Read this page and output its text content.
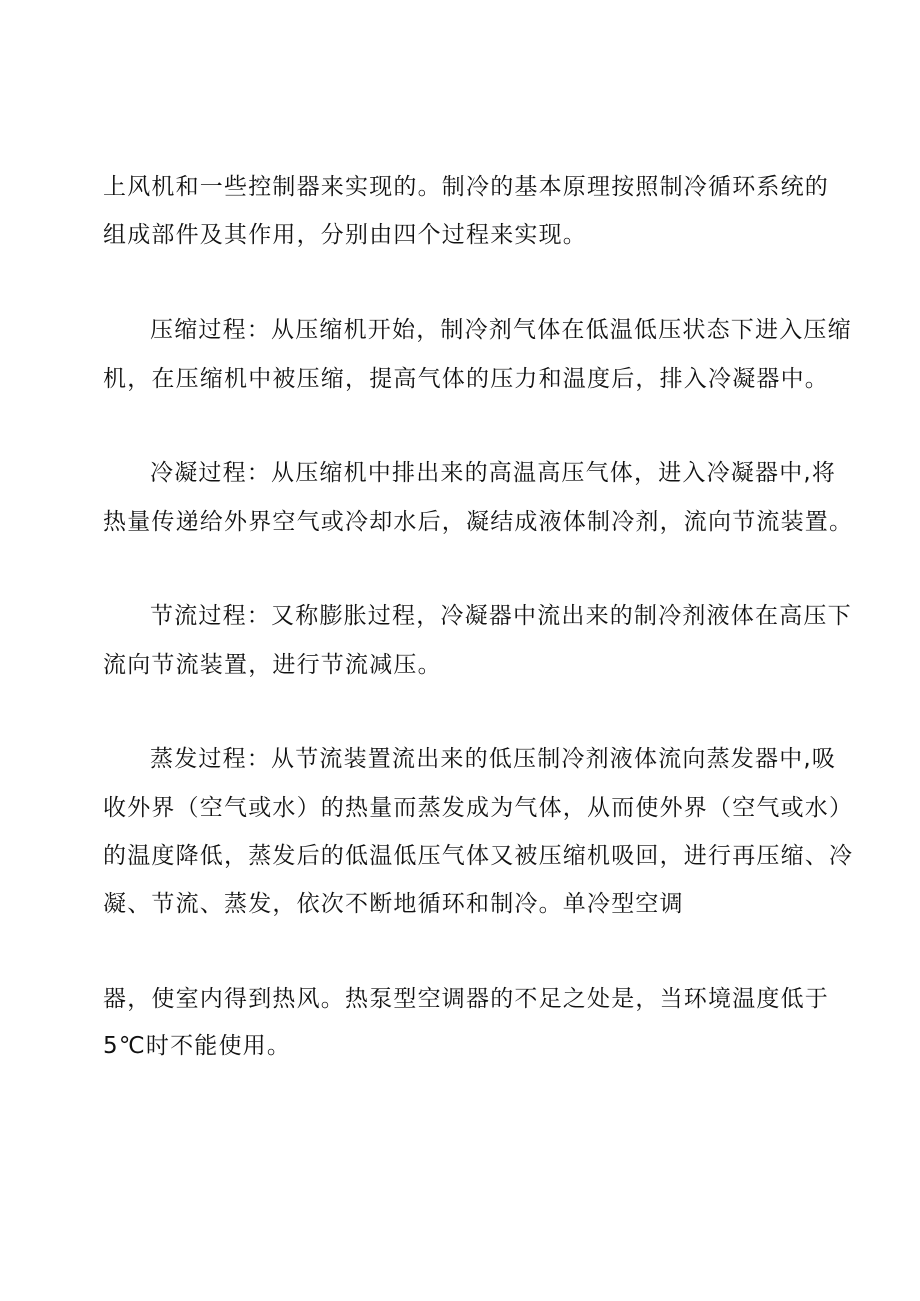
上风机和一些控制器来实现的。制冷的基本原理按照制冷循环系统的

组成部件及其作用，分别由四个过程来实现。

压缩过程：从压缩机开始，制冷剂气体在低温低压状态下进入压缩

机，在压缩机中被压缩，提高气体的压力和温度后，排入冷凝器中。

冷凝过程：从压缩机中排出来的高温高压气体，进入冷凝器中,将

热量传递给外界空气或冷却水后，凝结成液体制冷剂，流向节流装置。

节流过程：又称膨胀过程，冷凝器中流出来的制冷剂液体在高压下

流向节流装置，进行节流减压。

蒸发过程：从节流装置流出来的低压制冷剂液体流向蒸发器中,吸

收外界（空气或水）的热量而蒸发成为气体，从而使外界（空气或水）

的温度降低，蒸发后的低温低压气体又被压缩机吸回，进行再压缩、冷

凝、节流、蒸发，依次不断地循环和制冷。单冷型空调

器，使室内得到热风。热泵型空调器的不足之处是，当环境温度低于

5℃时不能使用。
